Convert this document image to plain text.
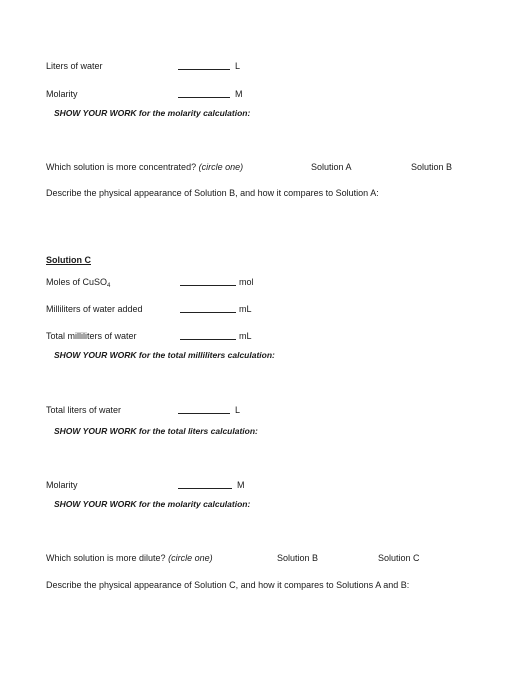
Liters of water	L
Molarity	M
SHOW YOUR WORK for the molarity calculation:
Which solution is more concentrated? (circle one)	Solution A	Solution B
Describe the physical appearance of Solution B, and how it compares to Solution A:
Solution C
Moles of CuSO$_4$	mol
Milliliters of water added	mL
Total milliliters of water	mL
SHOW YOUR WORK for the total milliliters calculation:
Total liters of water	L
SHOW YOUR WORK for the total liters calculation:
Molarity	M
SHOW YOUR WORK for the molarity calculation:
Which solution is more dilute? (circle one)	Solution B	Solution C
Describe the physical appearance of Solution C, and how it compares to Solutions A and B:
